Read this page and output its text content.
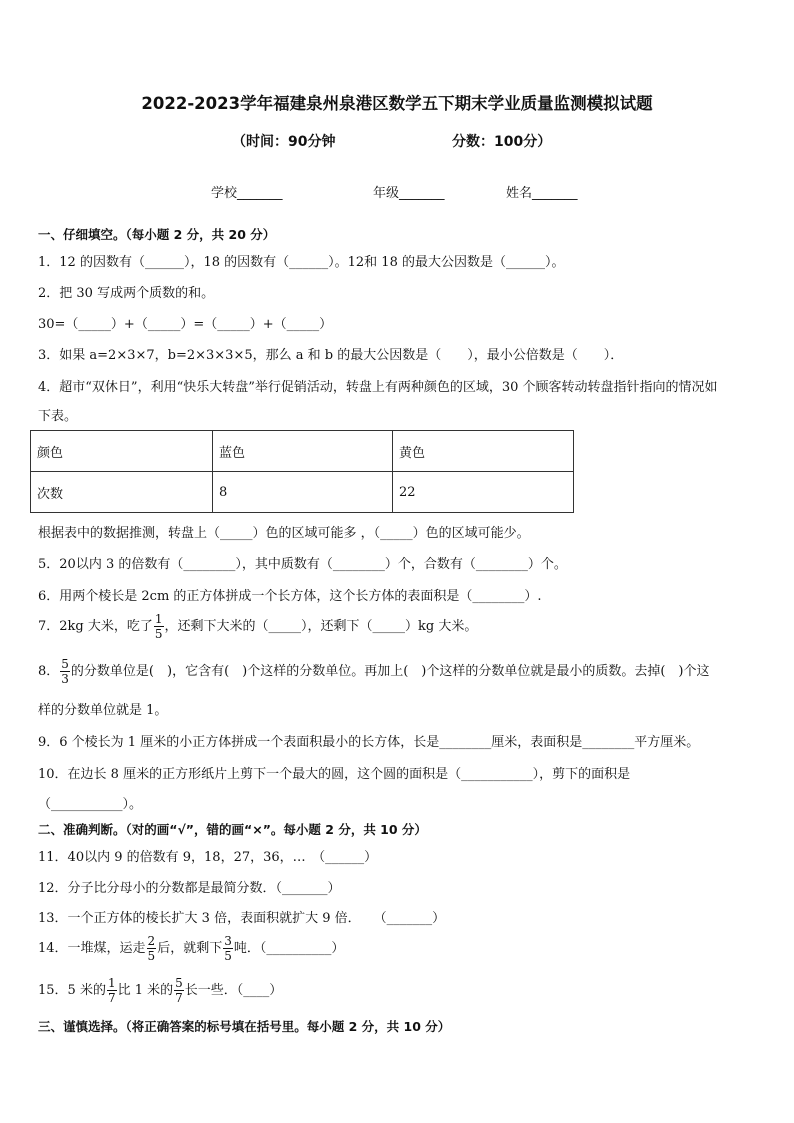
2022-2023学年福建泉州泉港区数学五下期末学业质量监测模拟试题
（时间：90分钟	分数：100分）
学校_______	年级_______	姓名_______
一、仔细填空。（每小题 2 分，共 20 分）
1．12 的因数有（______），18 的因数有（______）。12和 18 的最大公因数是（______）。
2．把 30 写成两个质数的和。
30=（_____）+（_____）=（_____）+（_____）
3．如果 a=2×3×7，b=2×3×3×5，那么 a 和 b 的最大公因数是（　　），最小公倍数是（　　）．
4．超市“双休日”，利用“快乐大转盘”举行促销活动，转盘上有两种颜色的区域，30 个顾客转动转盘指针指向的情况如
下表。
颜色	蓝色	黄色
次数	8	22
根据表中的数据推测，转盘上（_____）色的区域可能多 ，（_____）色的区域可能少。
5．20以内 3 的倍数有（________），其中质数有（________）个，合数有（________）个。
6．用两个棱长是 2cm 的正方体拼成一个长方体，这个长方体的表面积是（________）.
7．2kg 大米，吃了 $\frac{1}{5}$ ，还剩下大米的（_____），还剩下（_____）kg 大米。
8． $\frac{5}{3}$ 的分数单位是(　)，它含有(　)个这样的分数单位。再加上(　)个这样的分数单位就是最小的质数。去掉(　)个这
样的分数单位就是 1。
9．6 个棱长为 1 厘米的小正方体拼成一个表面积最小的长方体，长是________厘米，表面积是________平方厘米。
10．在边长 8 厘米的正方形纸片上剪下一个最大的圆，这个圆的面积是（___________），剪下的面积是
（___________）。
二、准确判断。（对的画“√”，错的画“×”。每小题 2 分，共 10 分）
11．40以内 9 的倍数有 9，18，27，36，…　（______）
12．分子比分母小的分数都是最简分数．（_______）
13．一个正方体的棱长扩大 3 倍，表面积就扩大 9 倍．　　（_______）
14．一堆煤，运走 $\frac{2}{5}$ 后，就剩下 $\frac{3}{5}$ 吨．（__________）
15．5 米的 $\frac{1}{7}$ 比 1 米的 $\frac{5}{7}$ 长一些．（____）
三、谨慎选择。（将正确答案的标号填在括号里。每小题 2 分，共 10 分）
